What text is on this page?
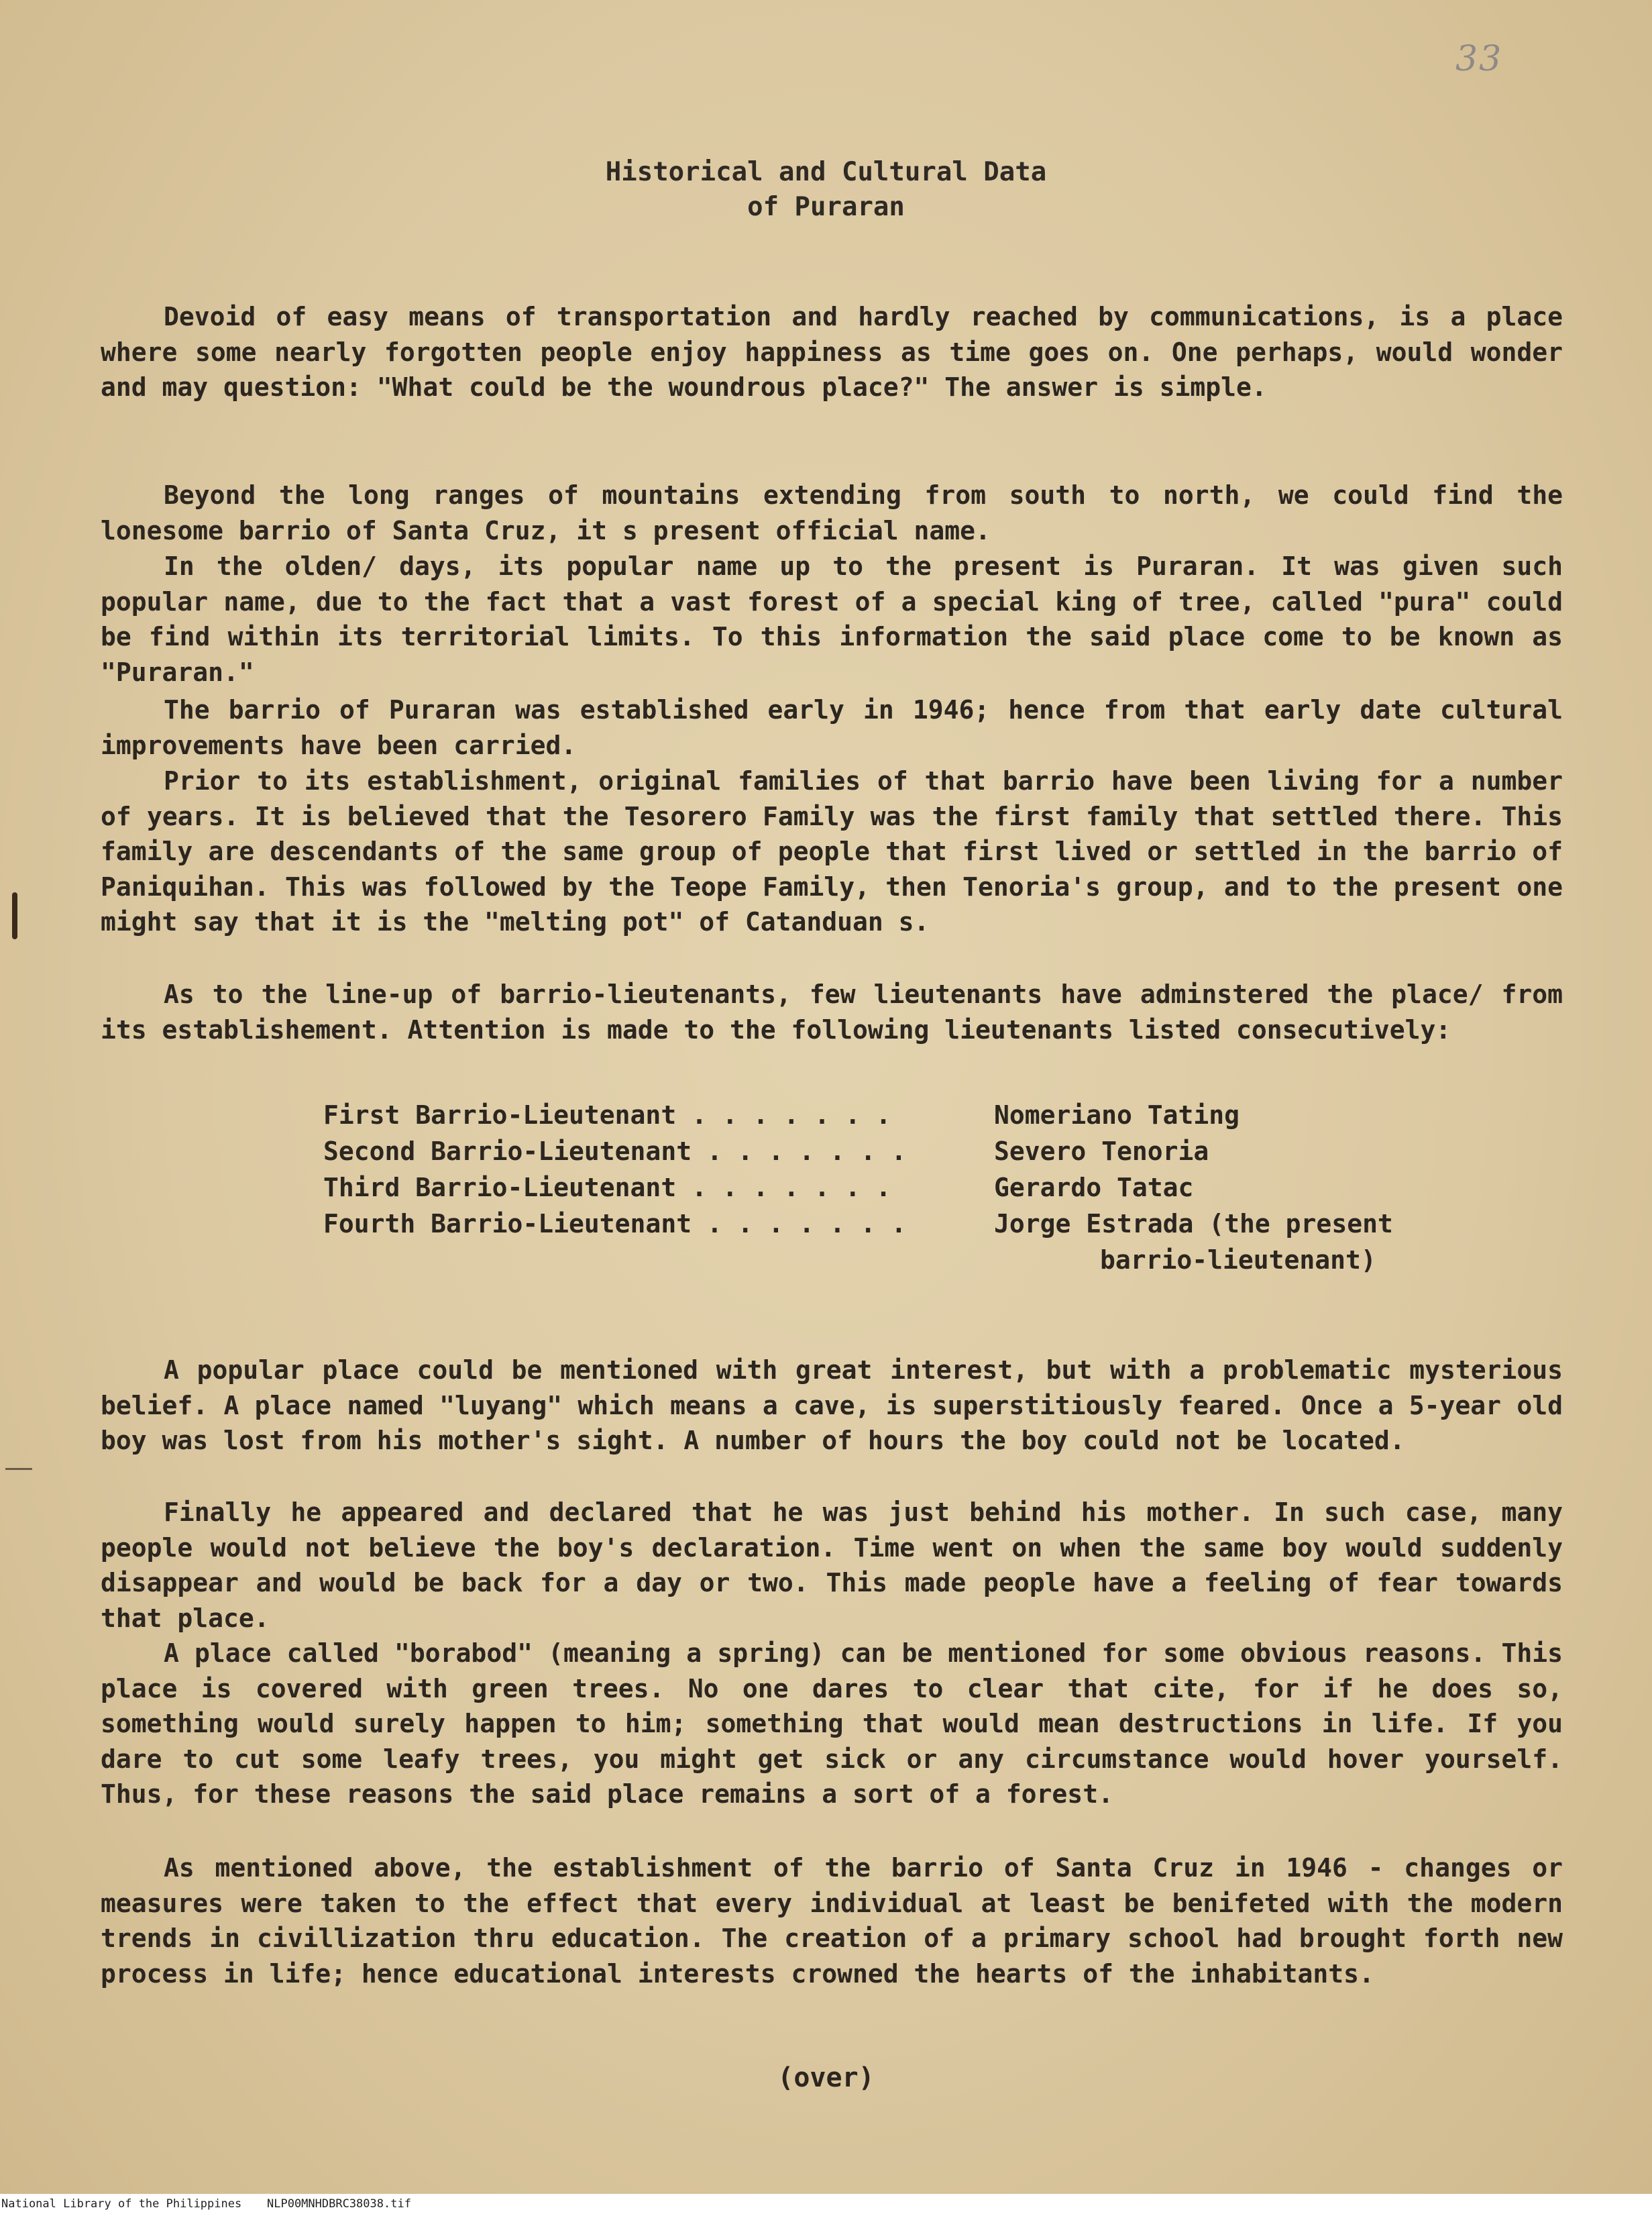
33
Historical and Cultural Data
of Puraran

Devoid of easy means of transportation and hardly reached by communications, is a place where some nearly forgotten people enjoy happiness as time goes on. One perhaps, would wonder and may question: "What could be the woundrous place?" The answer is simple.

Beyond the long ranges of mountains extending from south to north, we could find the lonesome barrio of Santa Cruz, it s present official name.

In the olden/ days, its popular name up to the present is Puraran. It was given such popular name, due to the fact that a vast forest of a special king of tree, called "pura" could be find within its territorial limits. To this information the said place come to be known as "Puraran."

The barrio of Puraran was established early in 1946; hence from that early date cultural improvements have been carried.

Prior to its establishment, original families of that barrio have been living for a number of years. It is believed that the Tesorero Family was the first family that settled there. This family are descendants of the same group of people that first lived or settled in the barrio of Paniquihan. This was followed by the Teope Family, then Tenoria's group, and to the present one might say that it is the "melting pot" of Catanduan s.

As to the line-up of barrio-lieutenants, few lieutenants have adminstered the place/ from its establishement. Attention is made to the following lieutenants listed consecutively:

First Barrio-Lieutenant . . . . . . .	Nomeriano Tating
Second Barrio-Lieutenant . . . . . . .	Severo Tenoria
Third Barrio-Lieutenant . . . . . . .	Gerardo Tatac
Fourth Barrio-Lieutenant . . . . . . .	Jorge Estrada (the present
barrio-lieutenant)

A popular place could be mentioned with great interest, but with a problematic mysterious belief. A place named "luyang" which means a cave, is superstitiously feared. Once a 5-year old boy was lost from his mother's sight. A number of hours the boy could not be located.

Finally he appeared and declared that he was just behind his mother. In such case, many people would not believe the boy's declaration. Time went on when the same boy would suddenly disappear and would be back for a day or two. This made people have a feeling of fear towards that place.

A place called "borabod" (meaning a spring) can be mentioned for some obvious reasons. This place is covered with green trees. No one dares to clear that cite, for if he does so, something would surely happen to him; something that would mean destructions in life. If you dare to cut some leafy trees, you might get sick or any circumstance would hover yourself. Thus, for these reasons the said place remains a sort of a forest.

As mentioned above, the establishment of the barrio of Santa Cruz in 1946 - changes or measures were taken to the effect that every individual at least be benifeted with the modern trends in civillization thru education. The creation of a primary school had brought forth new process in life; hence educational interests crowned the hearts of the inhabitants.

(over)
National Library of the Philippines NLP00MNHDBRC38038.tif
